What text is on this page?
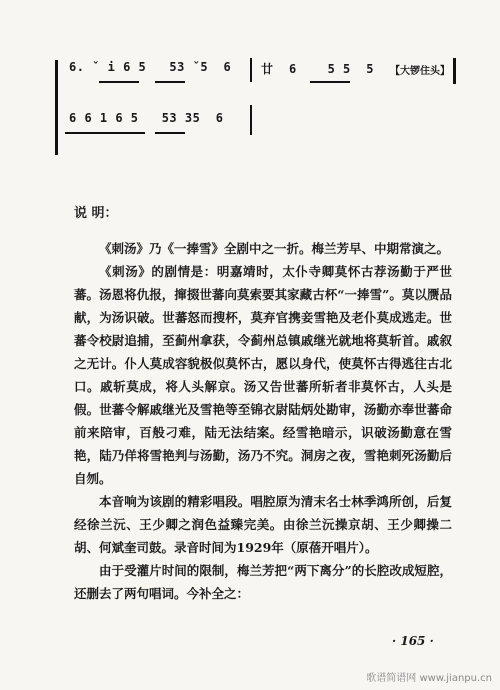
6. ˇ i 6 5   53 ˇ5  6

廿  6    5 5  5

【大锣住头】

6 6 1 6 5   53 35  6

说 明：

《刺汤》乃《一捧雪》全剧中之一折。梅兰芳早、中期常演之。

《刺汤》的剧情是：明嘉靖时，太仆寺卿莫怀古荐汤勤于严世蕃。汤恩将仇报，撺掇世蕃向莫索要其家藏古杯“一捧雪”。莫以赝品献，为汤识破。世蕃怒而搜杯，莫弃官携妾雪艳及老仆莫成逃走。世蕃令校尉追捕，至蓟州拿获，令蓟州总镇戚继光就地将莫斩首。戚叙之无计。仆人莫成容貌极似莫怀古，愿以身代，使莫怀古得逃往古北口。戚斩莫成，将人头解京。汤又告世蕃所斩者非莫怀古，人头是假。世蕃令解戚继光及雪艳等至锦衣尉陆炳处勘审，汤勤亦奉世蕃命前来陪审，百般刁难，陆无法结案。经雪艳暗示，识破汤勤意在雪艳，陆乃佯将雪艳判与汤勤，汤乃不究。洞房之夜，雪艳刺死汤勤后自刎。

本音响为该剧的精彩唱段。唱腔原为清末名士林季鸿所创，后复经徐兰沅、王少卿之润色益臻完美。由徐兰沅操京胡、王少卿操二胡、何斌奎司鼓。录音时间为1929年（原蓓开唱片）。

由于受灌片时间的限制，梅兰芳把“两下离分”的长腔改成短腔，还删去了两句唱词。今补全之：

· 165 ·
歌谱简谱网 www.jianpu.cn
